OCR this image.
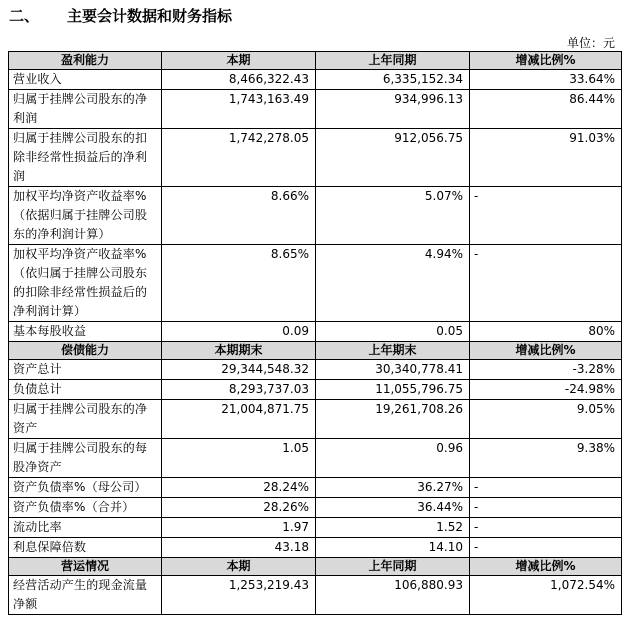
二、 主要会计数据和财务指标
单位：元
盈利能力	本期	上年同期	增减比例%
营业收入	8,466,322.43	6,335,152.34	33.64%
归属于挂牌公司股东的净利润	1,743,163.49	934,996.13	86.44%
归属于挂牌公司股东的扣除非经常性损益后的净利润	1,742,278.05	912,056.75	91.03%
加权平均净资产收益率%（依据归属于挂牌公司股东的净利润计算）	8.66%	5.07%	-
加权平均净资产收益率%（依归属于挂牌公司股东的扣除非经常性损益后的净利润计算）	8.65%	4.94%	-
基本每股收益	0.09	0.05	80%
偿债能力	本期期末	上年期末	增减比例%
资产总计	29,344,548.32	30,340,778.41	-3.28%
负债总计	8,293,737.03	11,055,796.75	-24.98%
归属于挂牌公司股东的净资产	21,004,871.75	19,261,708.26	9.05%
归属于挂牌公司股东的每股净资产	1.05	0.96	9.38%
资产负债率%（母公司）	28.24%	36.27%	-
资产负债率%（合并）	28.26%	36.44%	-
流动比率	1.97	1.52	-
利息保障倍数	43.18	14.10	-
营运情况	本期	上年同期	增减比例%
经营活动产生的现金流量净额	1,253,219.43	106,880.93	1,072.54%
